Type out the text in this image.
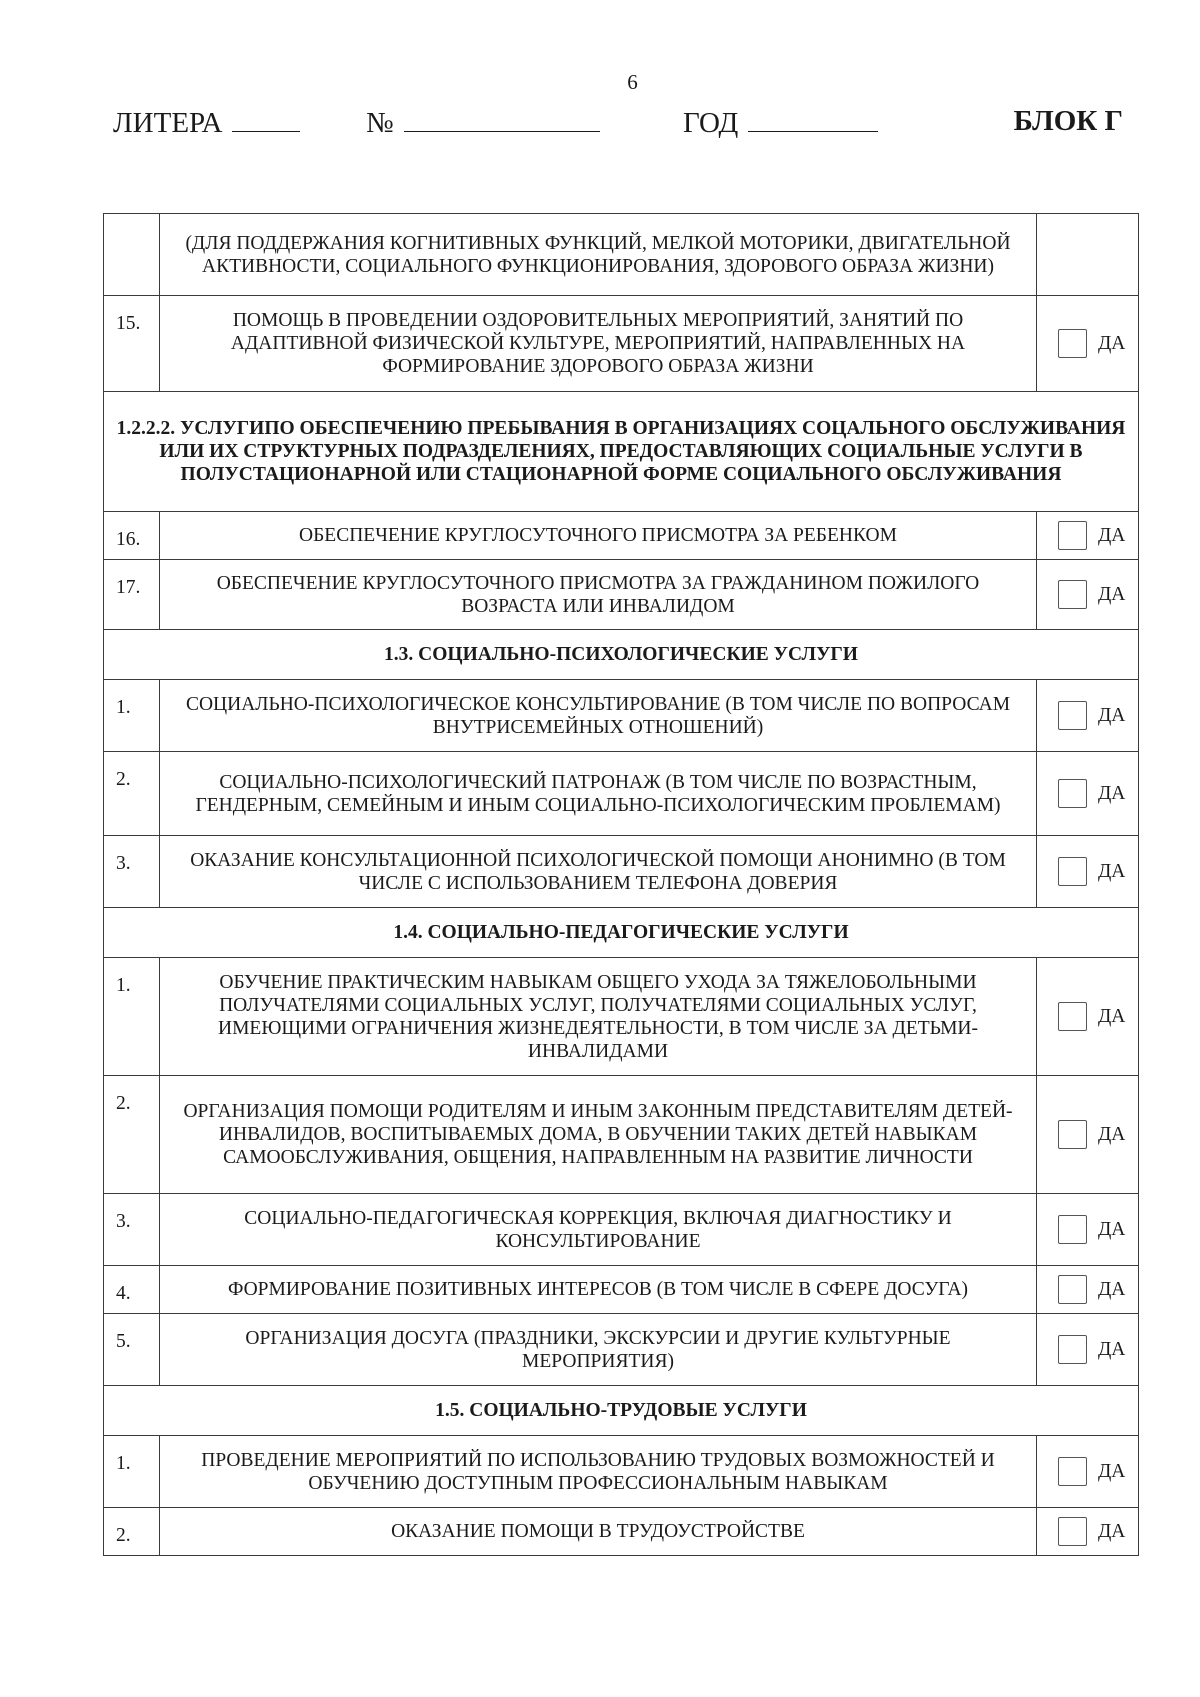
6
ЛИТЕРА	№	ГОД	БЛОК Г
	(ДЛЯ ПОДДЕРЖАНИЯ КОГНИТИВНЫХ ФУНКЦИЙ, МЕЛКОЙ МОТОРИКИ, ДВИГАТЕЛЬНОЙ АКТИВНОСТИ, СОЦИАЛЬНОГО ФУНКЦИОНИРОВАНИЯ, ЗДОРОВОГО ОБРАЗА ЖИЗНИ)	
15.	ПОМОЩЬ В ПРОВЕДЕНИИ ОЗДОРОВИТЕЛЬНЫХ МЕРОПРИЯТИЙ, ЗАНЯТИЙ ПО АДАПТИВНОЙ ФИЗИЧЕСКОЙ КУЛЬТУРЕ, МЕРОПРИЯТИЙ, НАПРАВЛЕННЫХ НА ФОРМИРОВАНИЕ ЗДОРОВОГО ОБРАЗА ЖИЗНИ	ДА

1.2.2.2. УСЛУГИПО ОБЕСПЕЧЕНИЮ ПРЕБЫВАНИЯ В ОРГАНИЗАЦИЯХ СОЦАЛЬНОГО ОБСЛУЖИВАНИЯ ИЛИ ИХ СТРУКТУРНЫХ ПОДРАЗДЕЛЕНИЯХ, ПРЕДОСТАВЛЯЮЩИХ СОЦИАЛЬНЫЕ УСЛУГИ В ПОЛУСТАЦИОНАРНОЙ ИЛИ СТАЦИОНАРНОЙ ФОРМЕ СОЦИАЛЬНОГО ОБСЛУЖИВАНИЯ		
16.	ОБЕСПЕЧЕНИЕ КРУГЛОСУТОЧНОГО ПРИСМОТРА ЗА РЕБЕНКОМ	ДА

17.	ОБЕСПЕЧЕНИЕ КРУГЛОСУТОЧНОГО ПРИСМОТРА ЗА ГРАЖДАНИНОМ ПОЖИЛОГО ВОЗРАСТА ИЛИ ИНВАЛИДОМ	ДА

1.3. СОЦИАЛЬНО-ПСИХОЛОГИЧЕСКИЕ УСЛУГИ		
1.	СОЦИАЛЬНО-ПСИХОЛОГИЧЕСКОЕ КОНСУЛЬТИРОВАНИЕ (В ТОМ ЧИСЛЕ ПО ВОПРОСАМ ВНУТРИСЕМЕЙНЫХ ОТНОШЕНИЙ)	ДА

2.	СОЦИАЛЬНО-ПСИХОЛОГИЧЕСКИЙ ПАТРОНАЖ (В ТОМ ЧИСЛЕ ПО ВОЗРАСТНЫМ, ГЕНДЕРНЫМ, СЕМЕЙНЫМ И ИНЫМ СОЦИАЛЬНО-ПСИХОЛОГИЧЕСКИМ ПРОБЛЕМАМ)	ДА

3.	ОКАЗАНИЕ КОНСУЛЬТАЦИОННОЙ ПСИХОЛОГИЧЕСКОЙ ПОМОЩИ АНОНИМНО (В ТОМ ЧИСЛЕ С ИСПОЛЬЗОВАНИЕМ ТЕЛЕФОНА ДОВЕРИЯ	ДА

1.4. СОЦИАЛЬНО-ПЕДАГОГИЧЕСКИЕ УСЛУГИ		
1.	ОБУЧЕНИЕ ПРАКТИЧЕСКИМ НАВЫКАМ ОБЩЕГО УХОДА ЗА ТЯЖЕЛОБОЛЬНЫМИ ПОЛУЧАТЕЛЯМИ СОЦИАЛЬНЫХ УСЛУГ, ПОЛУЧАТЕЛЯМИ СОЦИАЛЬНЫХ УСЛУГ, ИМЕЮЩИМИ ОГРАНИЧЕНИЯ ЖИЗНЕДЕЯТЕЛЬНОСТИ, В ТОМ ЧИСЛЕ ЗА ДЕТЬМИ-ИНВАЛИДАМИ	ДА

2.	ОРГАНИЗАЦИЯ ПОМОЩИ РОДИТЕЛЯМ И ИНЫМ ЗАКОННЫМ ПРЕДСТАВИТЕЛЯМ ДЕТЕЙ-ИНВАЛИДОВ, ВОСПИТЫВАЕМЫХ ДОМА, В ОБУЧЕНИИ ТАКИХ ДЕТЕЙ НАВЫКАМ САМООБСЛУЖИВАНИЯ, ОБЩЕНИЯ, НАПРАВЛЕННЫМ НА РАЗВИТИЕ ЛИЧНОСТИ	ДА

3.	СОЦИАЛЬНО-ПЕДАГОГИЧЕСКАЯ КОРРЕКЦИЯ, ВКЛЮЧАЯ ДИАГНОСТИКУ И КОНСУЛЬТИРОВАНИЕ	ДА

4.	ФОРМИРОВАНИЕ ПОЗИТИВНЫХ ИНТЕРЕСОВ (В ТОМ ЧИСЛЕ В СФЕРЕ ДОСУГА)	ДА

5.	ОРГАНИЗАЦИЯ ДОСУГА (ПРАЗДНИКИ, ЭКСКУРСИИ И ДРУГИЕ КУЛЬТУРНЫЕ МЕРОПРИЯТИЯ)	ДА

1.5. СОЦИАЛЬНО-ТРУДОВЫЕ УСЛУГИ		
1.	ПРОВЕДЕНИЕ МЕРОПРИЯТИЙ ПО ИСПОЛЬЗОВАНИЮ ТРУДОВЫХ ВОЗМОЖНОСТЕЙ И ОБУЧЕНИЮ ДОСТУПНЫМ ПРОФЕССИОНАЛЬНЫМ НАВЫКАМ	ДА

2.	ОКАЗАНИЕ ПОМОЩИ В ТРУДОУСТРОЙСТВЕ	ДА
